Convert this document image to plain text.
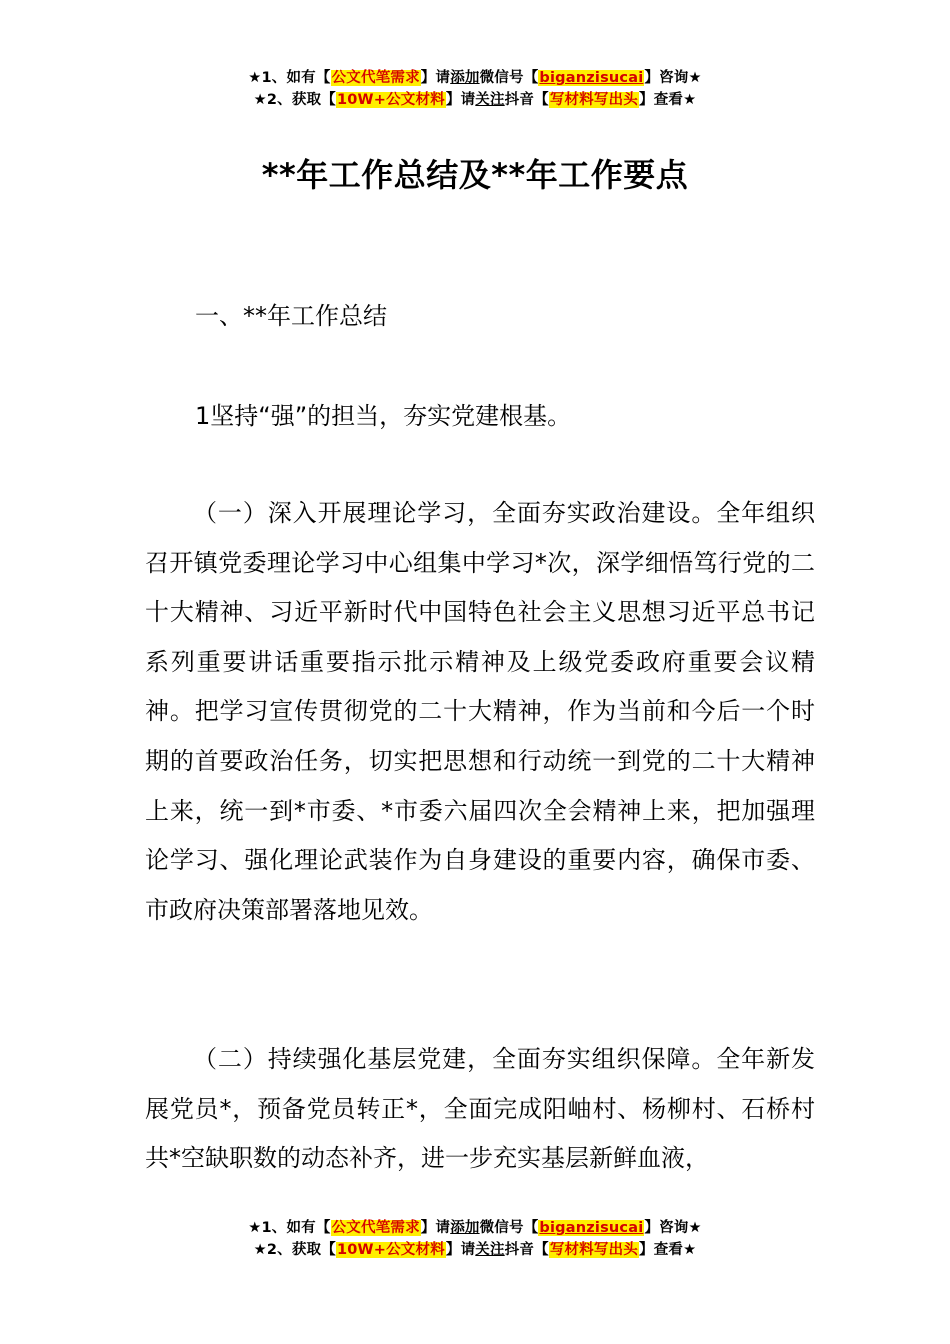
★1、如有【公文代笔需求】请添加微信号【biganzisucai】咨询★
★2、获取【10W+公文材料】请关注抖音【写材料写出头】查看★
**年工作总结及**年工作要点
一、**年工作总结
1坚持“强”的担当，夯实党建根基。
（一）深入开展理论学习，全面夯实政治建设。全年组织召开镇党委理论学习中心组集中学习*次，深学细悟笃行党的二十大精神、习近平新时代中国特色社会主义思想习近平总书记系列重要讲话重要指示批示精神及上级党委政府重要会议精神。把学习宣传贯彻党的二十大精神，作为当前和今后一个时期的首要政治任务，切实把思想和行动统一到党的二十大精神上来，统一到*市委、*市委六届四次全会精神上来，把加强理论学习、强化理论武装作为自身建设的重要内容，确保市委、市政府决策部署落地见效。
（二）持续强化基层党建，全面夯实组织保障。全年新发展党员*，预备党员转正*，全面完成阳岫村、杨柳村、石桥村共*空缺职数的动态补齐，进一步充实基层新鲜血液，
★1、如有【公文代笔需求】请添加微信号【biganzisucai】咨询★
★2、获取【10W+公文材料】请关注抖音【写材料写出头】查看★
